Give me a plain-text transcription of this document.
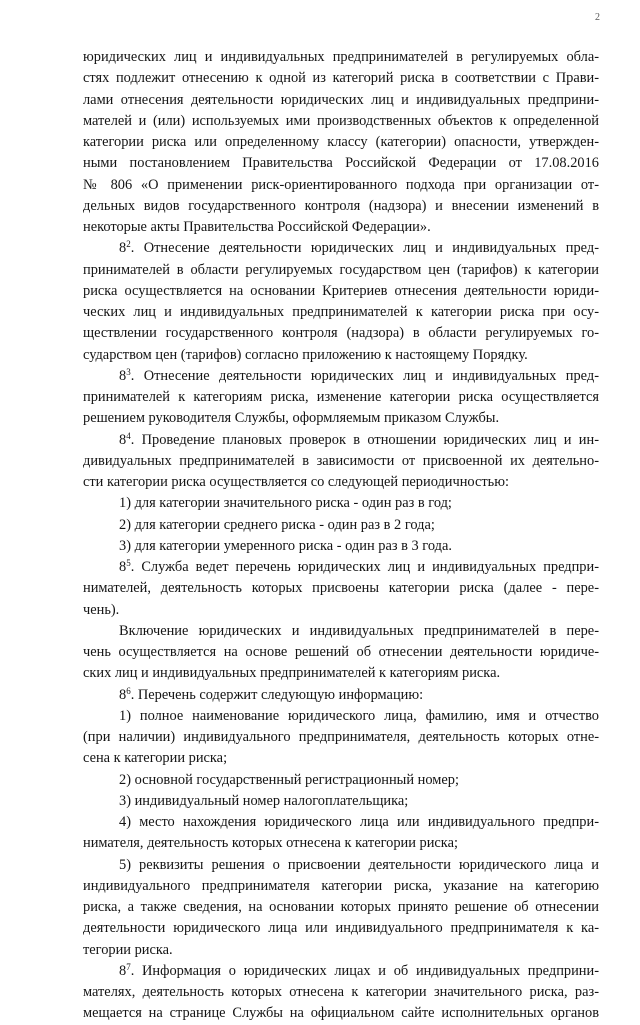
2
юридических лиц и индивидуальных предпринимателей в регулируемых обла-
стях подлежит отнесению к одной из категорий риска в соответствии с Прави-
лами отнесения деятельности юридических лиц и индивидуальных предприни-
мателей и (или) используемых ими производственных объектов к определенной
категории риска или определенному классу (категории) опасности, утвержден-
ными постановлением Правительства Российской Федерации от 17.08.2016
№ 806 «О применении риск-ориентированного подхода при организации от-
дельных видов государственного контроля (надзора) и внесении изменений в
некоторые акты Правительства Российской Федерации».
$8^2$. Отнесение деятельности юридических лиц и индивидуальных пред-
принимателей в области регулируемых государством цен (тарифов) к категории
риска осуществляется на основании Критериев отнесения деятельности юриди-
ческих лиц и индивидуальных предпринимателей к категории риска при осу-
ществлении государственного контроля (надзора) в области регулируемых го-
сударством цен (тарифов) согласно приложению к настоящему Порядку.
$8^3$. Отнесение деятельности юридических лиц и индивидуальных пред-
принимателей к категориям риска, изменение категории риска осуществляется
решением руководителя Службы, оформляемым приказом Службы.
$8^4$. Проведение плановых проверок в отношении юридических лиц и ин-
дивидуальных предпринимателей в зависимости от присвоенной их деятельно-
сти категории риска осуществляется со следующей периодичностью:
1) для категории значительного риска - один раз в год;
2) для категории среднего риска - один раз в 2 года;
3) для категории умеренного риска - один раз в 3 года.
$8^5$. Служба ведет перечень юридических лиц и индивидуальных предпри-
нимателей, деятельность которых присвоены категории риска (далее - пере-
чень).
Включение юридических и индивидуальных предпринимателей в пере-
чень осуществляется на основе решений об отнесении деятельности юридиче-
ских лиц и индивидуальных предпринимателей к категориям риска.
$8^6$. Перечень содержит следующую информацию:
1) полное наименование юридического лица, фамилию, имя и отчество
(при наличии) индивидуального предпринимателя, деятельность которых отне-
сена к категории риска;
2) основной государственный регистрационный номер;
3) индивидуальный номер налогоплательщика;
4) место нахождения юридического лица или индивидуального предпри-
нимателя, деятельность которых отнесена к категории риска;
5) реквизиты решения о присвоении деятельности юридического лица и
индивидуального предпринимателя категории риска, указание на категорию
риска, а также сведения, на основании которых принято решение об отнесении
деятельности юридического лица или индивидуального предпринимателя к ка-
тегории риска.
$8^7$. Информация о юридических лицах и об индивидуальных предприни-
мателях, деятельность которых отнесена к категории значительного риска, раз-
мещается на странице Службы на официальном сайте исполнительных органов
